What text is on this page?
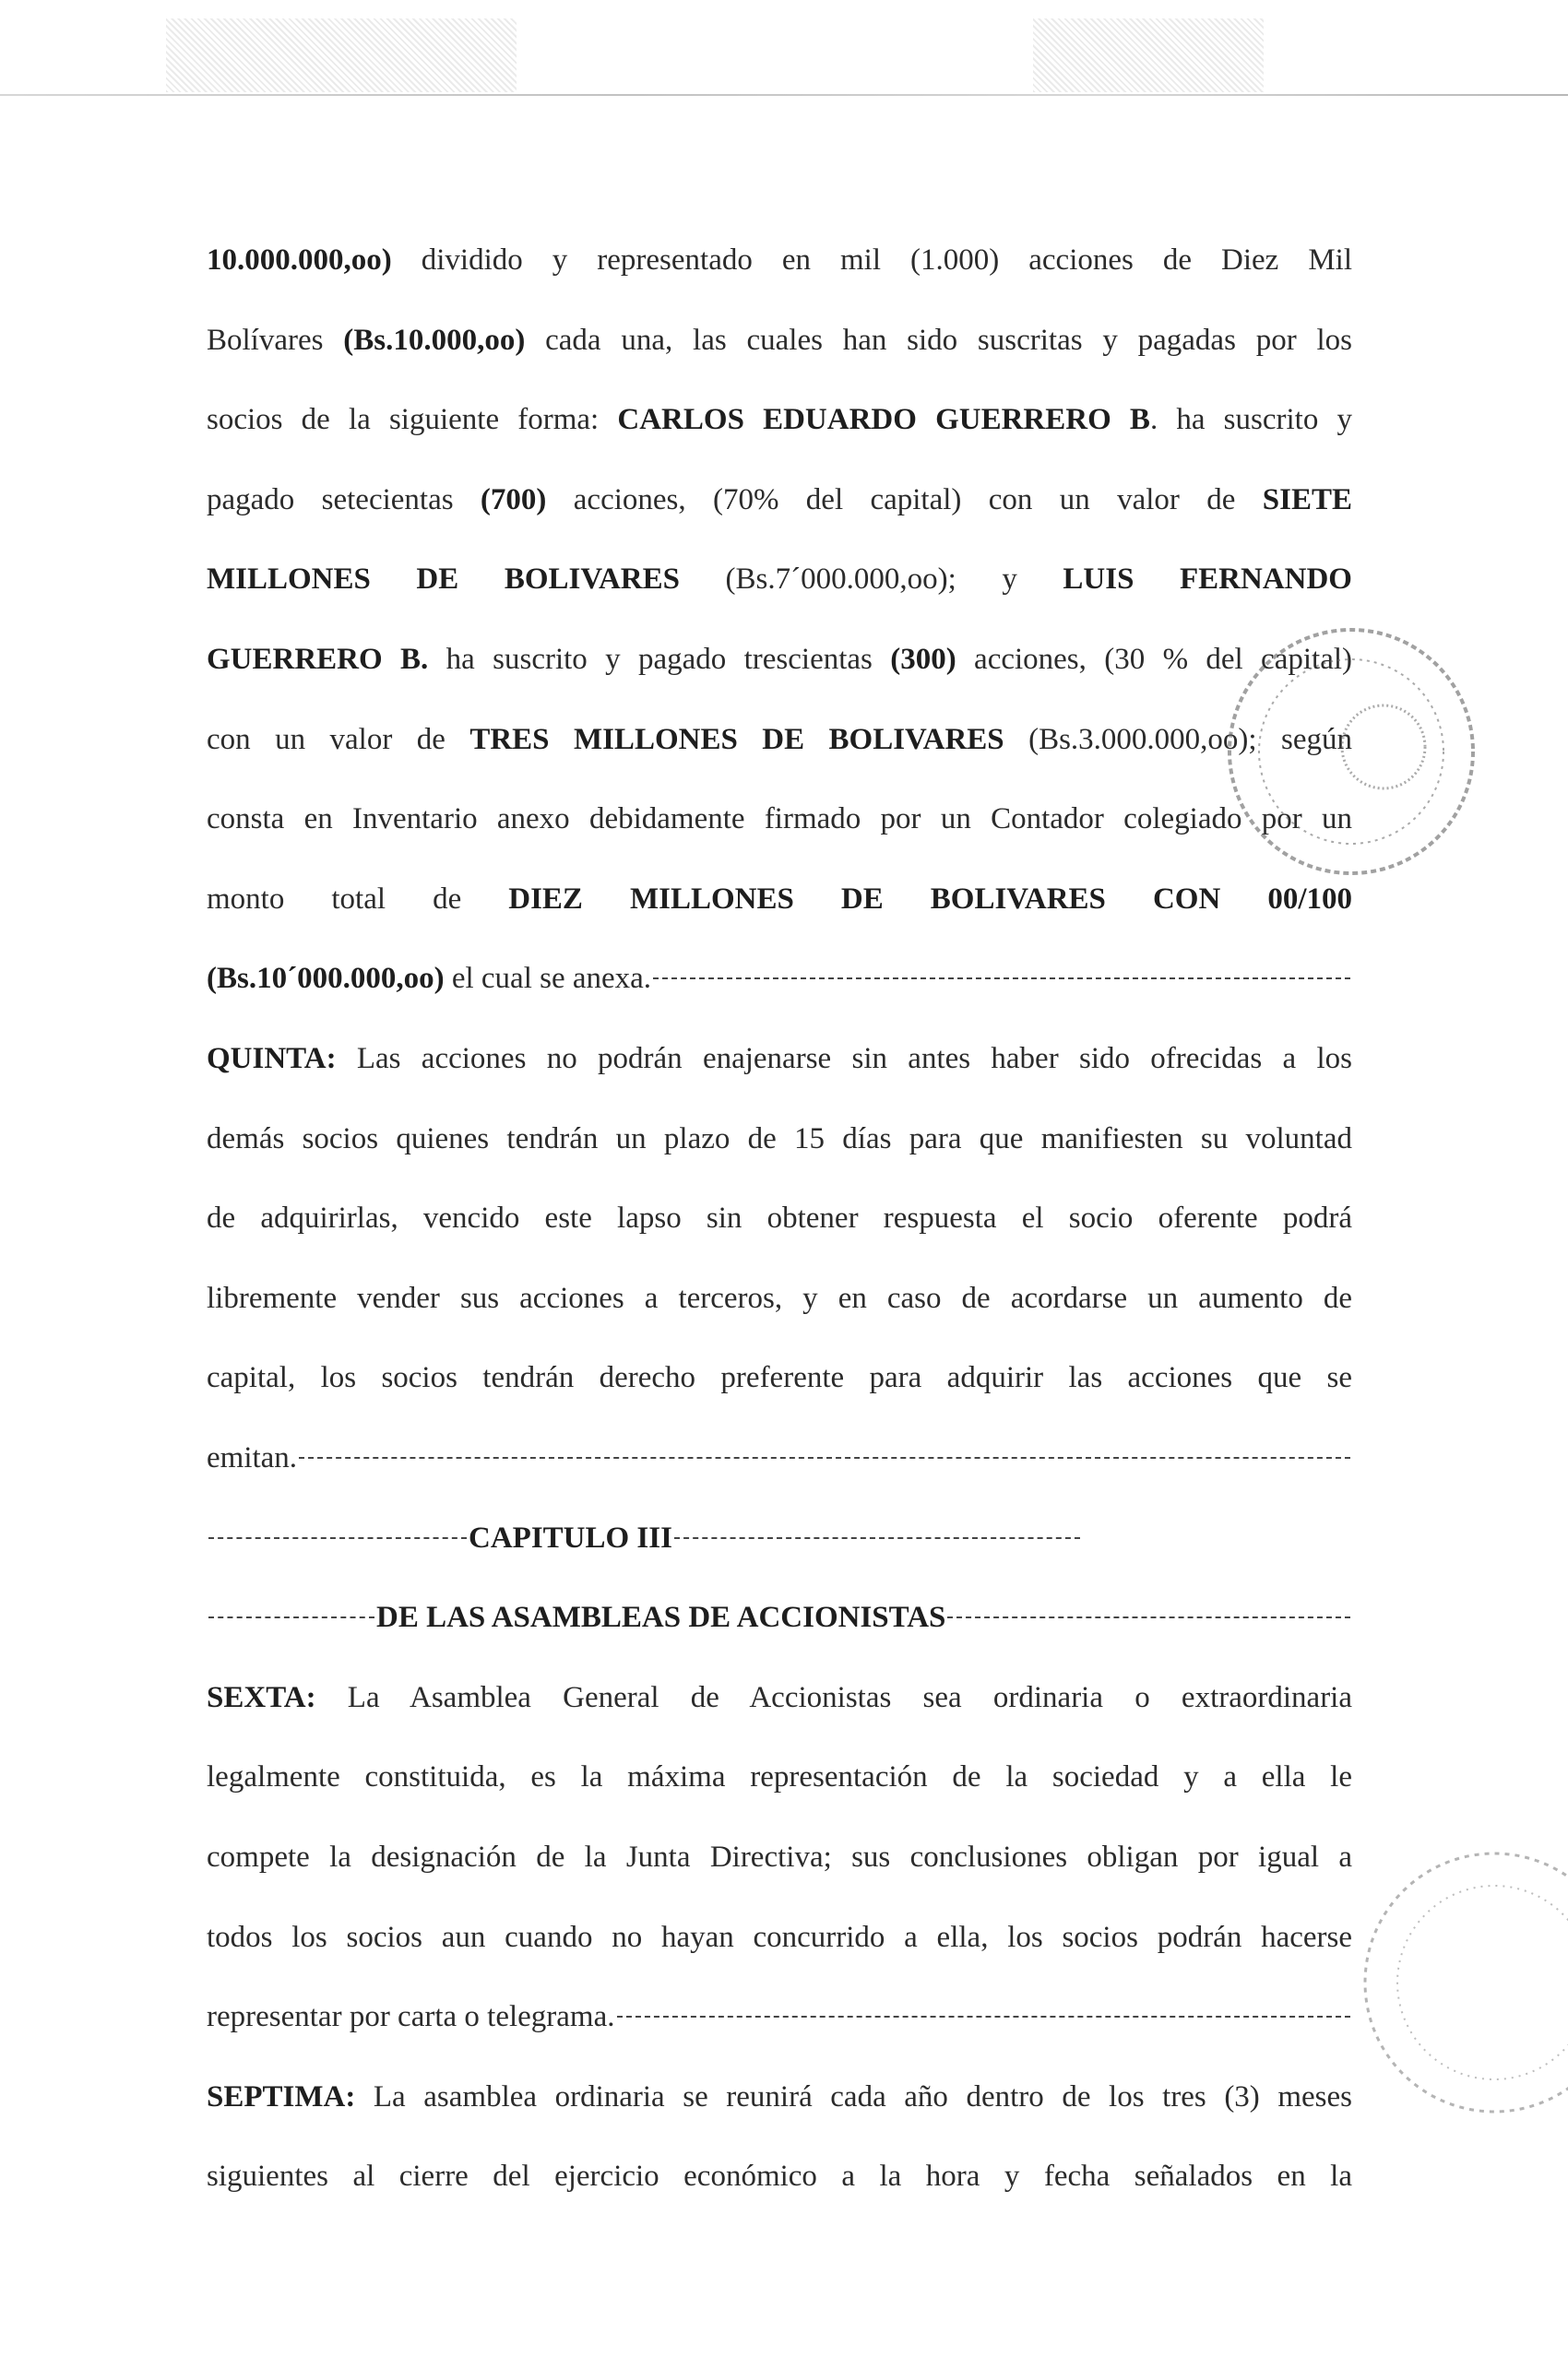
10.000.000,oo) dividido y representado en mil (1.000) acciones de Diez Mil
Bolívares (Bs.10.000,oo) cada una, las cuales han sido suscritas y pagadas por los
socios de la siguiente forma: CARLOS EDUARDO GUERRERO B. ha suscrito y
pagado setecientas (700) acciones, (70% del capital) con un valor de SIETE
MILLONES DE BOLIVARES (Bs.7´000.000,oo); y LUIS FERNANDO
GUERRERO B. ha suscrito y pagado trescientas (300) acciones, (30 % del capital)
con un valor de TRES MILLONES DE BOLIVARES (Bs.3.000.000,oo); según
consta en Inventario anexo debidamente firmado por un Contador colegiado por un
monto total de DIEZ MILLONES DE BOLIVARES CON 00/100
(Bs.10´000.000,oo) el cual se anexa.
QUINTA: Las acciones no podrán enajenarse sin antes haber sido ofrecidas a los
demás socios quienes tendrán un plazo de 15 días para que manifiesten su voluntad
de adquirirlas, vencido este lapso sin obtener respuesta el socio oferente podrá
libremente vender sus acciones a terceros, y en caso de acordarse un aumento de
capital, los socios tendrán derecho preferente para adquirir las acciones que se
emitan.
CAPITULO III
DE LAS ASAMBLEAS DE ACCIONISTAS
SEXTA: La Asamblea General de Accionistas sea ordinaria o extraordinaria
legalmente constituida, es la máxima representación de la sociedad y a ella le
compete la designación de la Junta Directiva; sus conclusiones obligan por igual a
todos los socios aun cuando no hayan concurrido a ella, los socios podrán hacerse
representar por carta o telegrama.
SEPTIMA: La asamblea ordinaria se reunirá cada año dentro de los tres (3) meses
siguientes al cierre del ejercicio económico a la hora y fecha señalados en la
